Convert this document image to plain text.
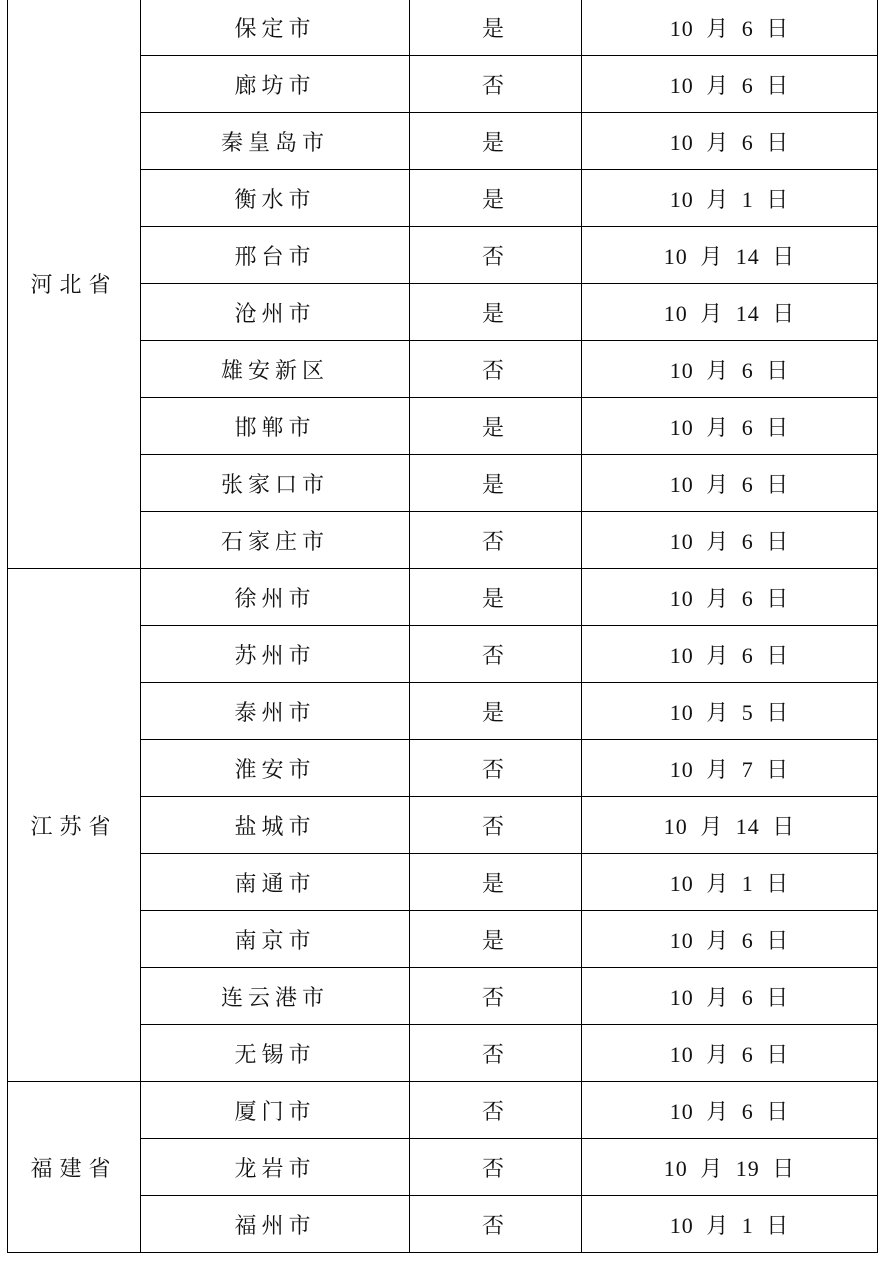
河北省	保定市	是	10 月 6 日
	廊坊市	否	10 月 6 日
	秦皇岛市	是	10 月 6 日
	衡水市	是	10 月 1 日
	邢台市	否	10 月 14 日
	沧州市	是	10 月 14 日
	雄安新区	否	10 月 6 日
	邯郸市	是	10 月 6 日
	张家口市	是	10 月 6 日
	石家庄市	否	10 月 6 日
江苏省	徐州市	是	10 月 6 日
	苏州市	否	10 月 6 日
	泰州市	是	10 月 5 日
	淮安市	否	10 月 7 日
	盐城市	否	10 月 14 日
	南通市	是	10 月 1 日
	南京市	是	10 月 6 日
	连云港市	否	10 月 6 日
	无锡市	否	10 月 6 日
福建省	厦门市	否	10 月 6 日
	龙岩市	否	10 月 19 日
	福州市	否	10 月 1 日
